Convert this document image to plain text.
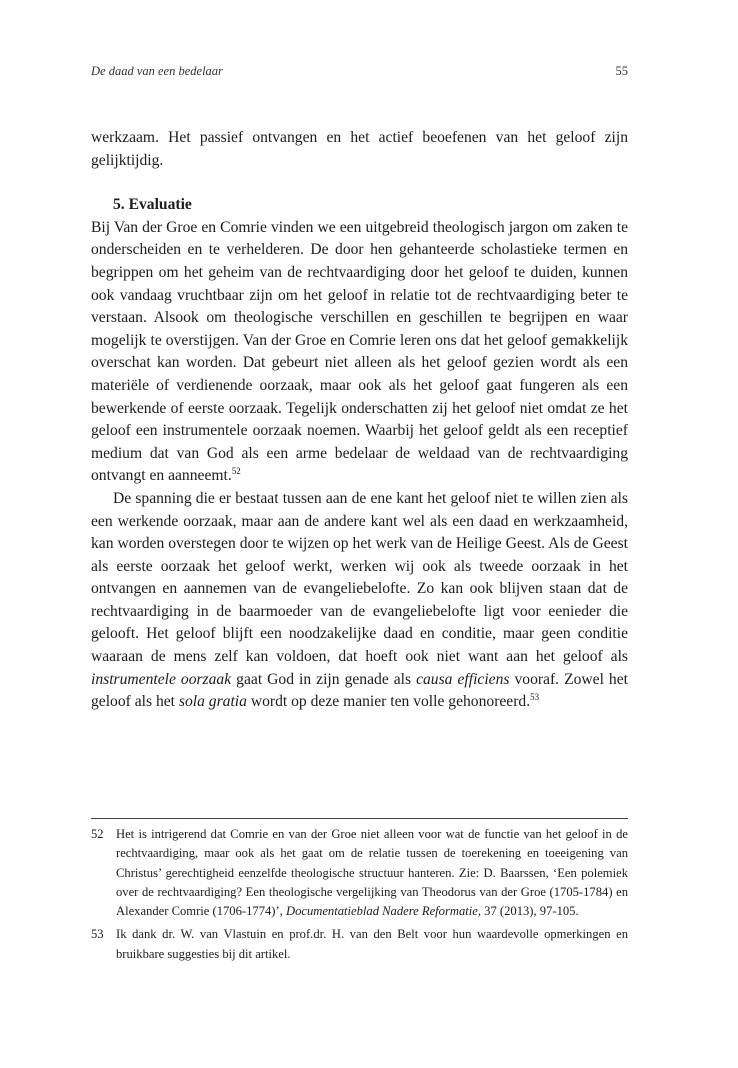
De daad van een bedelaar	55

werkzaam. Het passief ontvangen en het actief beoefenen van het geloof zijn gelijktijdig.

5. Evaluatie

Bij Van der Groe en Comrie vinden we een uitgebreid theologisch jargon om zaken te onderscheiden en te verhelderen. De door hen gehanteerde scholastieke termen en begrippen om het geheim van de rechtvaardiging door het geloof te duiden, kunnen ook vandaag vruchtbaar zijn om het geloof in relatie tot de rechtvaardiging beter te verstaan. Alsook om theologische verschillen en geschillen te begrijpen en waar mogelijk te overstijgen. Van der Groe en Comrie leren ons dat het geloof gemakkelijk overschat kan worden. Dat gebeurt niet alleen als het geloof gezien wordt als een materiële of verdienende oorzaak, maar ook als het geloof gaat fungeren als een bewerkende of eerste oorzaak. Tegelijk onderschatten zij het geloof niet omdat ze het geloof een instrumentele oorzaak noemen. Waarbij het geloof geldt als een receptief medium dat van God als een arme bedelaar de weldaad van de rechtvaardiging ontvangt en aanneemt.$^{52}$

De spanning die er bestaat tussen aan de ene kant het geloof niet te willen zien als een werkende oorzaak, maar aan de andere kant wel als een daad en werkzaamheid, kan worden overstegen door te wijzen op het werk van de Heilige Geest. Als de Geest als eerste oorzaak het geloof werkt, werken wij ook als tweede oorzaak in het ontvangen en aannemen van de evangeliebelofte. Zo kan ook blijven staan dat de rechtvaardiging in de baarmoeder van de evangeliebelofte ligt voor eenieder die gelooft. Het geloof blijft een noodzakelijke daad en conditie, maar geen conditie waaraan de mens zelf kan voldoen, dat hoeft ook niet want aan het geloof als instrumentele oorzaak gaat God in zijn genade als causa efficiens vooraf. Zowel het geloof als het sola gratia wordt op deze manier ten volle gehonoreerd.$^{53}$

52 Het is intrigerend dat Comrie en van der Groe niet alleen voor wat de functie van het geloof in de rechtvaardiging, maar ook als het gaat om de relatie tussen de toerekening en toeeigening van Christus’ gerechtigheid eenzelfde theologische structuur hanteren. Zie: D. Baarssen, ‘Een polemiek over de rechtvaardiging? Een theologische vergelijking van Theodorus van der Groe (1705-1784) en Alexander Comrie (1706-1774)’, Documentatieblad Nadere Reformatie, 37 (2013), 97-105.
53 Ik dank dr. W. van Vlastuin en prof.dr. H. van den Belt voor hun waardevolle opmerkingen en bruikbare suggesties bij dit artikel.
